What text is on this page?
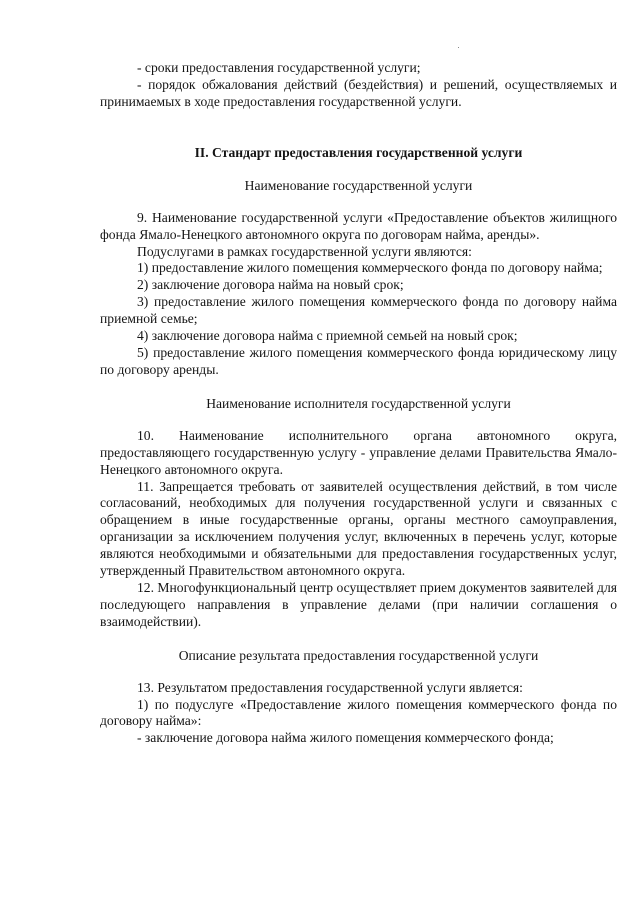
- сроки предоставления государственной услуги;

- порядок обжалования действий (бездействия) и решений, осуществляемых и принимаемых в ходе предоставления государственной услуги.

II. Стандарт предоставления государственной услуги
Наименование государственной услуги

9. Наименование государственной услуги «Предоставление объектов жилищного фонда Ямало-Ненецкого автономного округа по договорам найма, аренды».

Подуслугами в рамках государственной услуги являются:

1) предоставление жилого помещения коммерческого фонда по договору найма;

2) заключение договора найма на новый срок;

3) предоставление жилого помещения коммерческого фонда по договору найма приемной семье;

4) заключение договора найма с приемной семьей на новый срок;

5) предоставление жилого помещения коммерческого фонда юридическому лицу по договору аренды.

Наименование исполнителя государственной услуги

10. Наименование исполнительного органа автономного округа, предоставляющего государственную услугу - управление делами Правительства Ямало-Ненецкого автономного округа.

11. Запрещается требовать от заявителей осуществления действий, в том числе согласований, необходимых для получения государственной услуги и связанных с обращением в иные государственные органы, органы местного самоуправления, организации за исключением получения услуг, включенных в перечень услуг, которые являются необходимыми и обязательными для предоставления государственных услуг, утвержденный Правительством автономного округа.

12. Многофункциональный центр осуществляет прием документов заявителей для последующего направления в управление делами (при наличии соглашения о взаимодействии).

Описание результата предоставления государственной услуги

13. Результатом предоставления государственной услуги является:

1) по подуслуге «Предоставление жилого помещения коммерческого фонда по договору найма»:

- заключение договора найма жилого помещения коммерческого фонда;
